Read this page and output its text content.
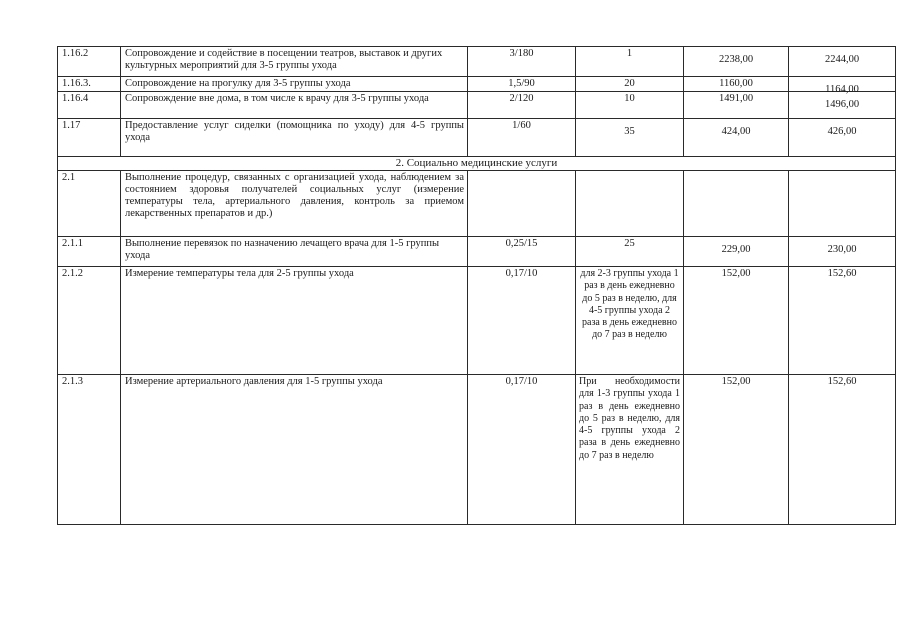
1.16.2	Сопровождение и содействие в посещении театров, выставок и других культурных мероприятий для 3-5 группы ухода	3/180	1	2238,00	2244,00
1.16.3.	Сопровождение на прогулку для 3-5 группы ухода	1,5/90	20	1160,00	1164,00
1.16.4	Сопровождение вне дома, в том числе к врачу для 3-5 группы ухода	2/120	10	1491,00	1496,00
1.17	Предоставление услуг сиделки (помощника по уходу) для 4-5 группы ухода	1/60	35	424,00	426,00
2. Социально медицинские услуги					
2.1	Выполнение процедур, связанных с организацией ухода, наблюдением за состоянием здоровья получателей социальных услуг (измерение температуры тела, артериального давления, контроль за приемом лекарственных препаратов и др.)				
2.1.1	Выполнение перевязок по назначению лечащего врача для 1-5 группы ухода	0,25/15	25	229,00	230,00
2.1.2	Измерение температуры тела для 2-5 группы ухода	0,17/10	для 2-3 группы ухода 1 раз в день ежедневно до 5 раз в неделю, для 4-5 группы ухода 2 раза в день ежедневно до 7 раз в неделю	152,00	152,60
2.1.3	Измерение артериального давления для 1-5 группы ухода	0,17/10	При необходимости для 1-3 группы ухода 1 раз в день ежедневно до 5 раз в неделю, для 4-5 группы ухода 2 раза в день ежедневно до 7 раз в неделю	152,00	152,60
